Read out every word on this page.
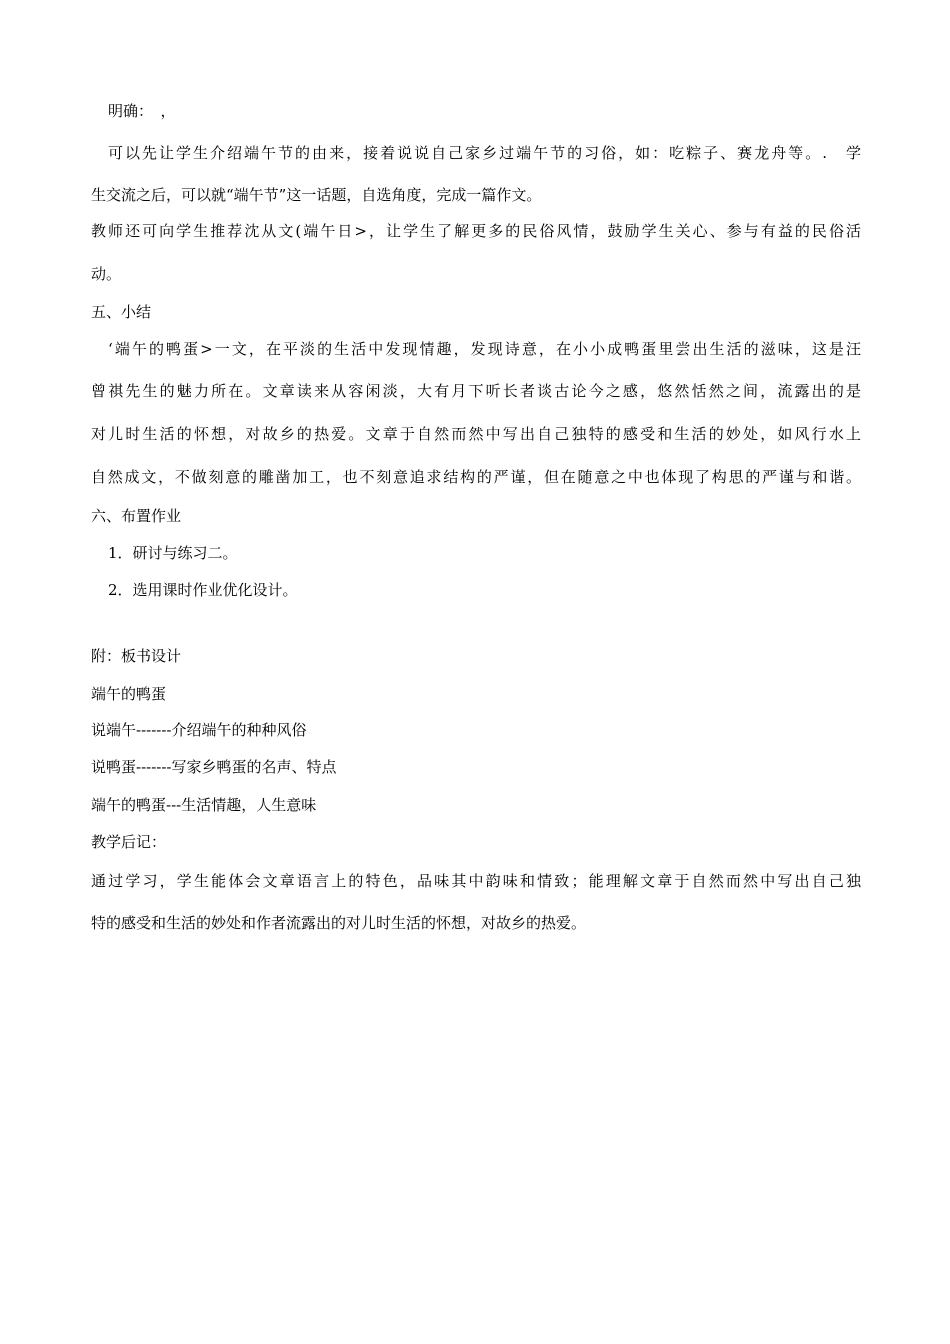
明确：　，
可以先让学生介绍端午节的由来，接着说说自己家乡过端午节的习俗，如：吃粽子、赛龙舟等。.　学
生交流之后，可以就“端午节”这一话题，自选角度，完成一篇作文。
教师还可向学生推荐沈从文(端午日>，让学生了解更多的民俗风情，鼓励学生关心、参与有益的民俗活
动。
五、小结
‘端午的鸭蛋>一文，在平淡的生活中发现情趣，发现诗意，在小小成鸭蛋里尝出生活的滋味，这是汪
曾祺先生的魅力所在。文章读来从容闲淡，大有月下听长者谈古论今之感，悠然恬然之间，流露出的是
对儿时生活的怀想，对故乡的热爱。文章于自然而然中写出自己独特的感受和生活的妙处，如风行水上
自然成文，不做刻意的雕凿加工，也不刻意追求结构的严谨，但在随意之中也体现了构思的严谨与和谐。
六、布置作业
1．研讨与练习二。
2．选用课时作业优化设计。
附：板书设计
端午的鸭蛋
说端午-------介绍端午的种种风俗
说鸭蛋-------写家乡鸭蛋的名声、特点
端午的鸭蛋---生活情趣，人生意味
教学后记：
通过学习，学生能体会文章语言上的特色，品味其中韵味和情致；能理解文章于自然而然中写出自己独
特的感受和生活的妙处和作者流露出的对儿时生活的怀想，对故乡的热爱。
